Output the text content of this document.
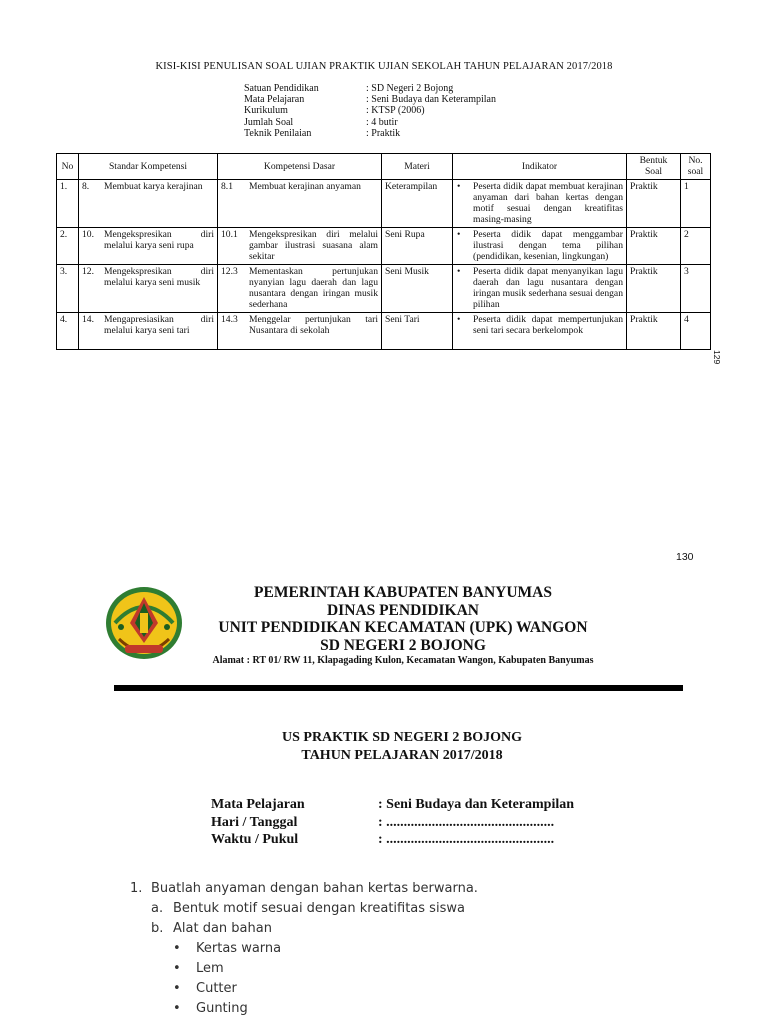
KISI-KISI PENULISAN SOAL UJIAN PRAKTIK UJIAN SEKOLAH TAHUN PELAJARAN 2017/2018
Satuan Pendidikan	: SD Negeri 2 Bojong
Mata Pelajaran	: Seni Budaya dan Keterampilan
Kurikulum	: KTSP (2006)
Jumlah Soal	: 4 butir
Teknik Penilaian	: Praktik
No	Standar Kompetensi	Kompetensi Dasar	Materi	Indikator	Bentuk Soal	No. soal
1.	8. Membuat karya kerajinan	8.1 Membuat kerajinan anyaman	Keterampilan	• Peserta didik dapat membuat kerajinan anyaman dari bahan kertas dengan motif sesuai dengan kreatifitas masing-masing	Praktik	1
2.	10. Mengekspresikan diri melalui karya seni rupa	10.1 Mengekspresikan diri melalui gambar ilustrasi suasana alam sekitar	Seni Rupa	• Peserta didik dapat menggambar ilustrasi dengan tema pilihan (pendidikan, kesenian, lingkungan)	Praktik	2
3.	12. Mengekspresikan diri melalui karya seni musik	12.3 Mementaskan pertunjukan nyanyian lagu daerah dan lagu nusantara dengan iringan musik sederhana	Seni Musik	• Peserta didik dapat menyanyikan lagu daerah dan lagu nusantara dengan iringan musik sederhana sesuai dengan pilihan	Praktik	3
4.	14. Mengapresiasikan diri melalui karya seni tari	14.3 Menggelar pertunjukan tari Nusantara di sekolah	Seni Tari	• Peserta didik dapat mempertunjukan seni tari secara berkelompok	Praktik	4
129
130
PEMERINTAH KABUPATEN BANYUMAS
DINAS PENDIDIKAN
UNIT PENDIDIKAN KECAMATAN (UPK) WANGON
SD NEGERI 2 BOJONG
Alamat : RT 01/ RW 11, Klapagading Kulon, Kecamatan Wangon, Kabupaten Banyumas
US PRAKTIK SD NEGERI 2 BOJONG
TAHUN PELAJARAN 2017/2018
Mata Pelajaran	: Seni Budaya dan Keterampilan
Hari / Tanggal	: ................................................
Waktu / Pukul	: ................................................
1. Buatlah anyaman dengan bahan kertas berwarna.
a. Bentuk motif sesuai dengan kreatifitas siswa
b. Alat dan bahan
•	Kertas warna
•	Lem
•	Cutter
•	Gunting
